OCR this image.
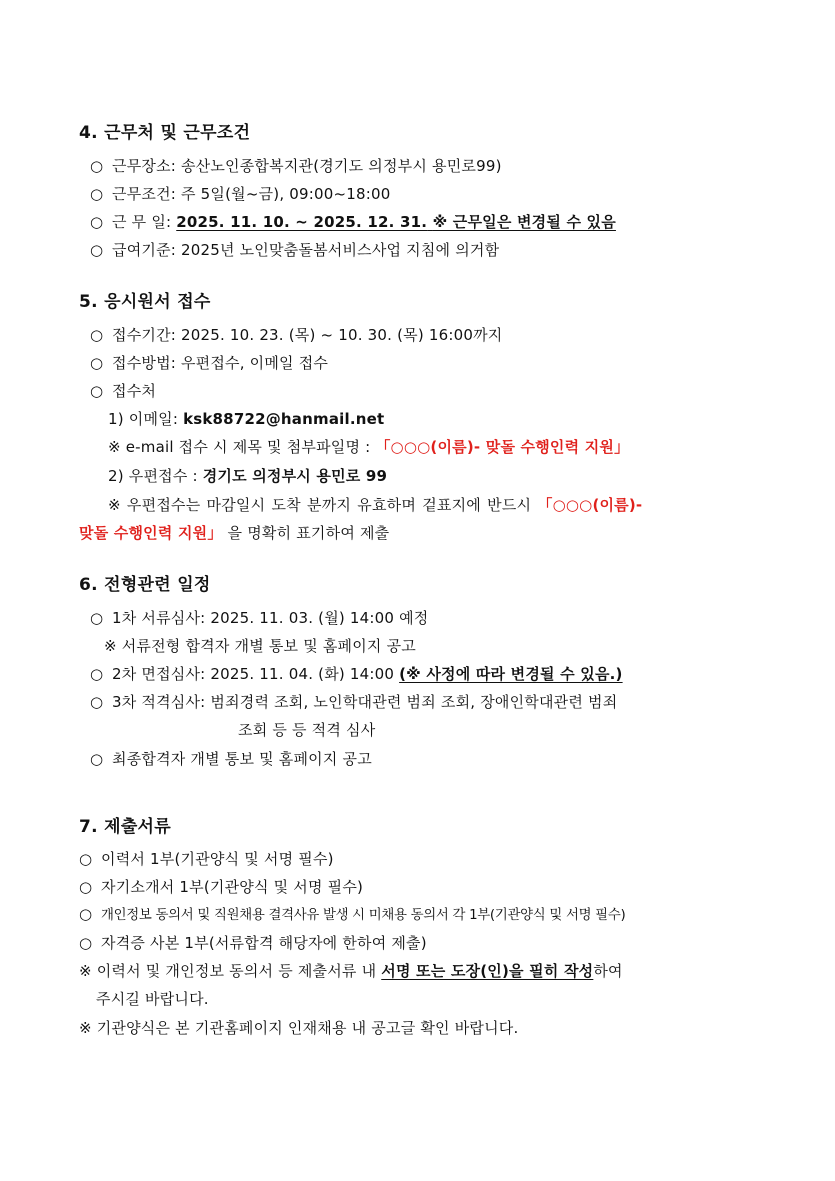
4. 근무처 및 근무조건
○ 근무장소: 송산노인종합복지관(경기도 의정부시 용민로99)
○ 근무조건: 주 5일(월~금), 09:00~18:00
○ 근 무 일: 2025. 11. 10. ~ 2025. 12. 31. ※ 근무일은 변경될 수 있음
○ 급여기준: 2025년 노인맞춤돌봄서비스사업 지침에 의거함
5. 응시원서 접수
○ 접수기간: 2025. 10. 23. (목) ~ 10. 30. (목) 16:00까지
○ 접수방법: 우편접수, 이메일 접수
○ 접수처
1) 이메일: ksk88722@hanmail.net
※ e-mail 접수 시 제목 및 첨부파일명 : 「○○○(이름)- 맞돌 수행인력 지원」
2) 우편접수 : 경기도 의정부시 용민로 99
※ 우편접수는 마감일시 도착 분까지 유효하며 겉표지에 반드시 「○○○(이름)-
맞돌 수행인력 지원」 을 명확히 표기하여 제출
6. 전형관련 일정
○ 1차 서류심사: 2025. 11. 03. (월) 14:00 예정
※ 서류전형 합격자 개별 통보 및 홈페이지 공고
○ 2차 면접심사: 2025. 11. 04. (화) 14:00 (※ 사정에 따라 변경될 수 있음.)
○ 3차 적격심사: 범죄경력 조회, 노인학대관련 범죄 조회, 장애인학대관련 범죄
조회 등 등 적격 심사
○ 최종합격자 개별 통보 및 홈페이지 공고
7. 제출서류
○ 이력서 1부(기관양식 및 서명 필수)
○ 자기소개서 1부(기관양식 및 서명 필수)
○ 개인정보 동의서 및 직원채용 결격사유 발생 시 미채용 동의서 각 1부(기관양식 및 서명 필수)
○ 자격증 사본 1부(서류합격 해당자에 한하여 제출)
※ 이력서 및 개인정보 동의서 등 제출서류 내 서명 또는 도장(인)을 필히 작성하여
주시길 바랍니다.
※ 기관양식은 본 기관홈페이지 인재채용 내 공고글 확인 바랍니다.
